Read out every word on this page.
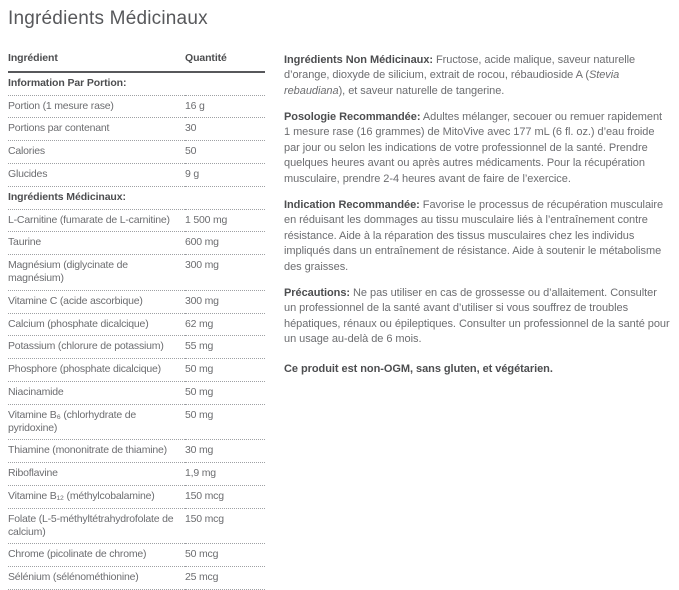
Ingrédients Médicinaux
Ingrédient	Quantité
Information Par Portion:	
Portion (1 mesure rase)	16 g
Portions par contenant	30
Calories	50
Glucides	9 g
Ingrédients Médicinaux:	
L-Carnitine (fumarate de L-carnitine)	1 500 mg
Taurine	600 mg
Magnésium (diglycinate de magnésium)	300 mg
Vitamine C (acide ascorbique)	300 mg
Calcium (phosphate dicalcique)	62 mg
Potassium (chlorure de potassium)	55 mg
Phosphore (phosphate dicalcique)	50 mg
Niacinamide	50 mg
Vitamine B₆ (chlorhydrate de pyridoxine)	50 mg
Thiamine (mononitrate de thiamine)	30 mg
Riboflavine	1,9 mg
Vitamine B₁₂ (méthylcobalamine)	150 mcg
Folate (L-5-méthyltétrahydrofolate de calcium)	150 mcg
Chrome (picolinate de chrome)	50 mcg
Sélénium (sélénométhionine)	25 mcg

Ingrédients Non Médicinaux: Fructose, acide malique, saveur naturelle d’orange, dioxyde de silicium, extrait de rocou, rébaudioside A (Stevia rebaudiana), et saveur naturelle de tangerine.

Posologie Recommandée: Adultes mélanger, secouer ou remuer rapidement 1 mesure rase (16 grammes) de MitoVive avec 177 mL (6 fl. oz.) d’eau froide par jour ou selon les indications de votre professionnel de la santé. Prendre quelques heures avant ou après autres médicaments. Pour la récupération musculaire, prendre 2-4 heures avant de faire de l’exercice.

Indication Recommandée: Favorise le processus de récupération musculaire en réduisant les dommages au tissu musculaire liés à l’entraînement contre résistance. Aide à la réparation des tissus musculaires chez les individus impliqués dans un entraînement de résistance. Aide à soutenir le métabolisme des graisses.

Précautions: Ne pas utiliser en cas de grossesse ou d’allaitement. Consulter un professionnel de la santé avant d’utiliser si vous souffrez de troubles hépatiques, rénaux ou épileptiques. Consulter un professionnel de la santé pour un usage au-delà de 6 mois.

Ce produit est non-OGM, sans gluten, et végétarien.
